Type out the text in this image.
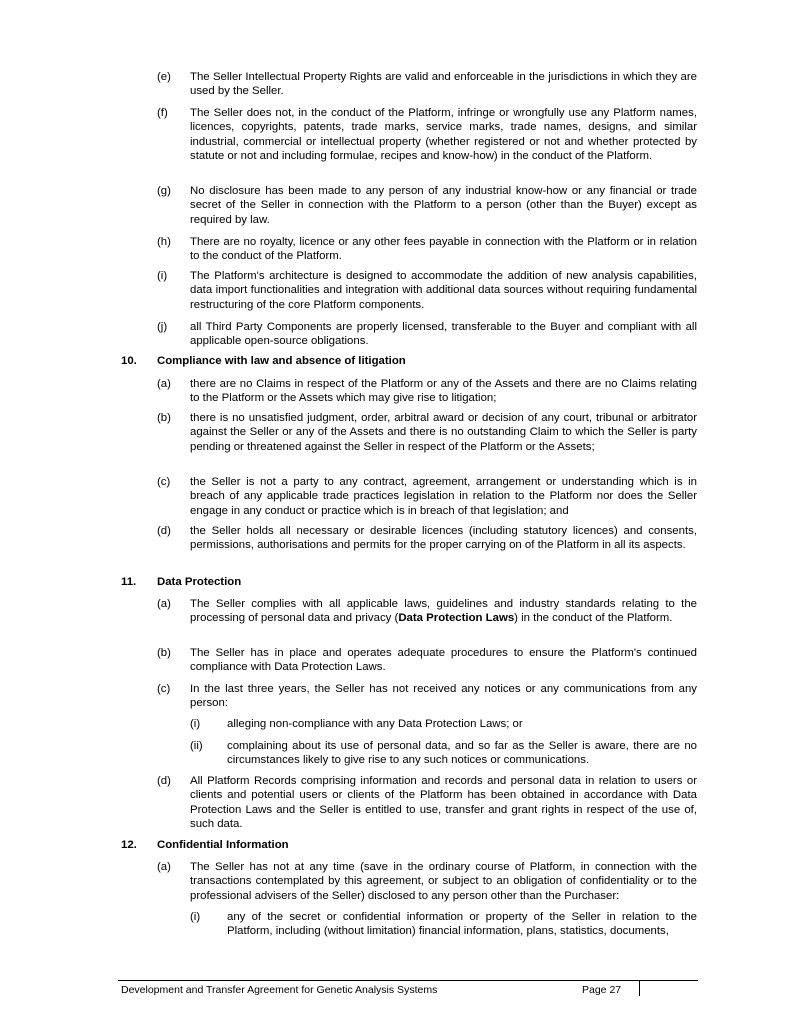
(e) The Seller Intellectual Property Rights are valid and enforceable in the jurisdictions in which they are used by the Seller.
(f) The Seller does not, in the conduct of the Platform, infringe or wrongfully use any Platform names, licences, copyrights, patents, trade marks, service marks, trade names, designs, and similar industrial, commercial or intellectual property (whether registered or not and whether protected by statute or not and including formulae, recipes and know-how) in the conduct of the Platform.
(g) No disclosure has been made to any person of any industrial know-how or any financial or trade secret of the Seller in connection with the Platform to a person (other than the Buyer) except as required by law.
(h) There are no royalty, licence or any other fees payable in connection with the Platform or in relation to the conduct of the Platform.
(i) The Platform's architecture is designed to accommodate the addition of new analysis capabilities, data import functionalities and integration with additional data sources without requiring fundamental restructuring of the core Platform components.
(j) all Third Party Components are properly licensed, transferable to the Buyer and compliant with all applicable open-source obligations.
10. Compliance with law and absence of litigation
(a) there are no Claims in respect of the Platform or any of the Assets and there are no Claims relating to the Platform or the Assets which may give rise to litigation;
(b) there is no unsatisfied judgment, order, arbitral award or decision of any court, tribunal or arbitrator against the Seller or any of the Assets and there is no outstanding Claim to which the Seller is party pending or threatened against the Seller in respect of the Platform or the Assets;
(c) the Seller is not a party to any contract, agreement, arrangement or understanding which is in breach of any applicable trade practices legislation in relation to the Platform nor does the Seller engage in any conduct or practice which is in breach of that legislation; and
(d) the Seller holds all necessary or desirable licences (including statutory licences) and consents, permissions, authorisations and permits for the proper carrying on of the Platform in all its aspects.
11. Data Protection
(a) The Seller complies with all applicable laws, guidelines and industry standards relating to the processing of personal data and privacy (Data Protection Laws) in the conduct of the Platform.
(b) The Seller has in place and operates adequate procedures to ensure the Platform's continued compliance with Data Protection Laws.
(c) In the last three years, the Seller has not received any notices or any communications from any person:
(i) alleging non-compliance with any Data Protection Laws; or
(ii) complaining about its use of personal data, and so far as the Seller is aware, there are no circumstances likely to give rise to any such notices or communications.
(d) All Platform Records comprising information and records and personal data in relation to users or clients and potential users or clients of the Platform has been obtained in accordance with Data Protection Laws and the Seller is entitled to use, transfer and grant rights in respect of the use of, such data.
12. Confidential Information
(a) The Seller has not at any time (save in the ordinary course of Platform, in connection with the transactions contemplated by this agreement, or subject to an obligation of confidentiality or to the professional advisers of the Seller) disclosed to any person other than the Purchaser:
(i) any of the secret or confidential information or property of the Seller in relation to the Platform, including (without limitation) financial information, plans, statistics, documents,
Development and Transfer Agreement for Genetic Analysis Systems	Page 27
